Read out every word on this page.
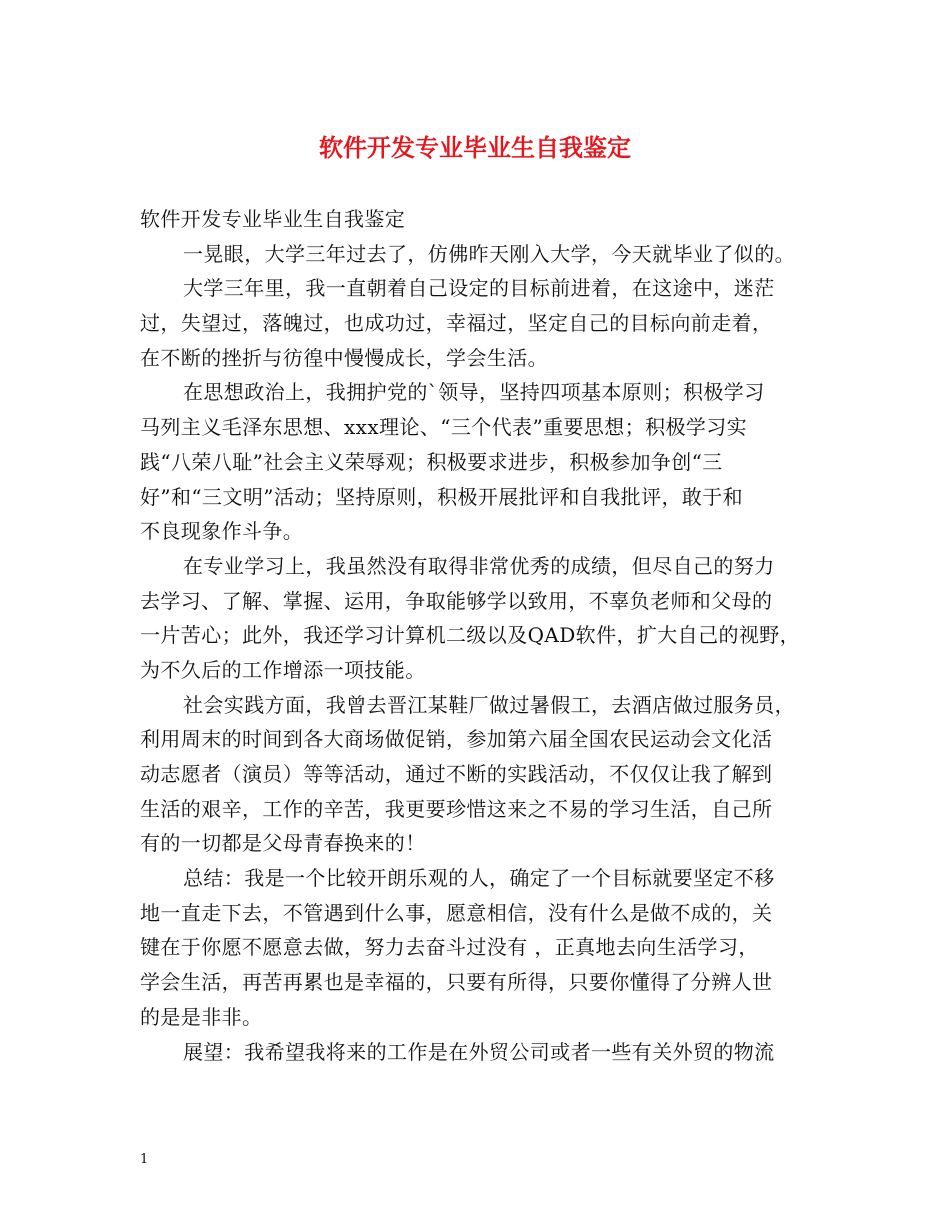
软件开发专业毕业生自我鉴定
软件开发专业毕业生自我鉴定
一晃眼，大学三年过去了，仿佛昨天刚入大学，今天就毕业了似的。
大学三年里，我一直朝着自己设定的目标前进着，在这途中，迷茫
过，失望过，落魄过，也成功过，幸福过，坚定自己的目标向前走着，
在不断的挫折与彷徨中慢慢成长，学会生活。
在思想政治上，我拥护党的`领导，坚持四项基本原则；积极学习
马列主义毛泽东思想、xxx理论、“三个代表”重要思想；积极学习实
践“八荣八耻”社会主义荣辱观；积极要求进步，积极参加争创“三
好”和“三文明”活动；坚持原则，积极开展批评和自我批评，敢于和
不良现象作斗争。
在专业学习上，我虽然没有取得非常优秀的成绩，但尽自己的努力
去学习、了解、掌握、运用，争取能够学以致用，不辜负老师和父母的
一片苦心；此外，我还学习计算机二级以及QAD软件，扩大自己的视野，
为不久后的工作增添一项技能。
社会实践方面，我曾去晋江某鞋厂做过暑假工，去酒店做过服务员，
利用周末的时间到各大商场做促销，参加第六届全国农民运动会文化活
动志愿者（演员）等等活动，通过不断的实践活动，不仅仅让我了解到
生活的艰辛，工作的辛苦，我更要珍惜这来之不易的学习生活，自己所
有的一切都是父母青春换来的！
总结：我是一个比较开朗乐观的人，确定了一个目标就要坚定不移
地一直走下去，不管遇到什么事，愿意相信，没有什么是做不成的，关
键在于你愿不愿意去做，努力去奋斗过没有 ，正真地去向生活学习，
学会生活，再苦再累也是幸福的，只要有所得，只要你懂得了分辨人世
的是是非非。
展望：我希望我将来的工作是在外贸公司或者一些有关外贸的物流
1
